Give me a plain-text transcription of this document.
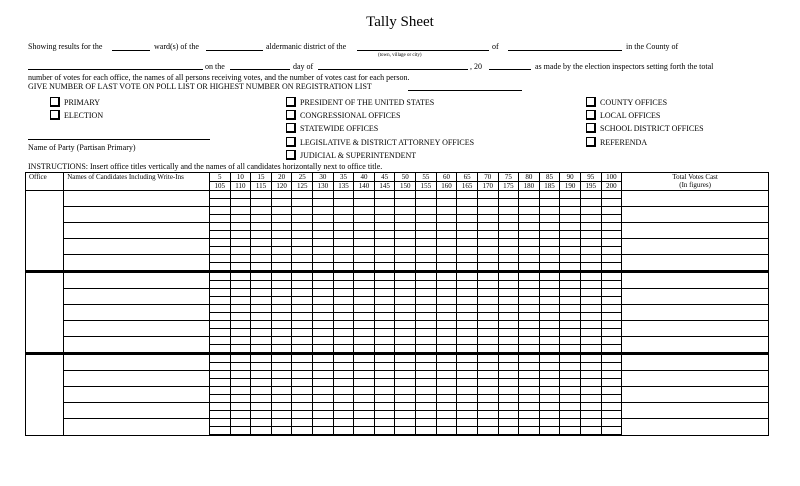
Tally Sheet
Showing results for the	ward(s) of the	aldermanic district of the
(town, village or city)
of	in the County of
on the	day of	, 20	as made by the election inspectors setting forth the total
number of votes for each office, the names of all persons receiving votes, and the number of votes cast for each person.
GIVE NUMBER OF LAST VOTE ON POLL LIST OR HIGHEST NUMBER ON REGISTRATION LIST
PRIMARY
ELECTION
PRESIDENT OF THE UNITED STATES
CONGRESSIONAL OFFICES
STATEWIDE OFFICES
LEGISLATIVE & DISTRICT ATTORNEY OFFICES
JUDICIAL & SUPERINTENDENT
COUNTY OFFICES
LOCAL OFFICES
SCHOOL DISTRICT OFFICES
REFERENDA
Name of Party (Partisan Primary)
INSTRUCTIONS: Insert office titles vertically and the names of all candidates horizontally next to office title.
Office	Names of Candidates Including Write-Ins	5	10	15	20	25	30	35	40	45	50	55	60	65	70	75	80	85	90	95	100	Total Votes Cast
(In figures)
		105	110	115	120	125	130	135	140	145	150	155	160	165	170	175	180	185	190	195	200	
